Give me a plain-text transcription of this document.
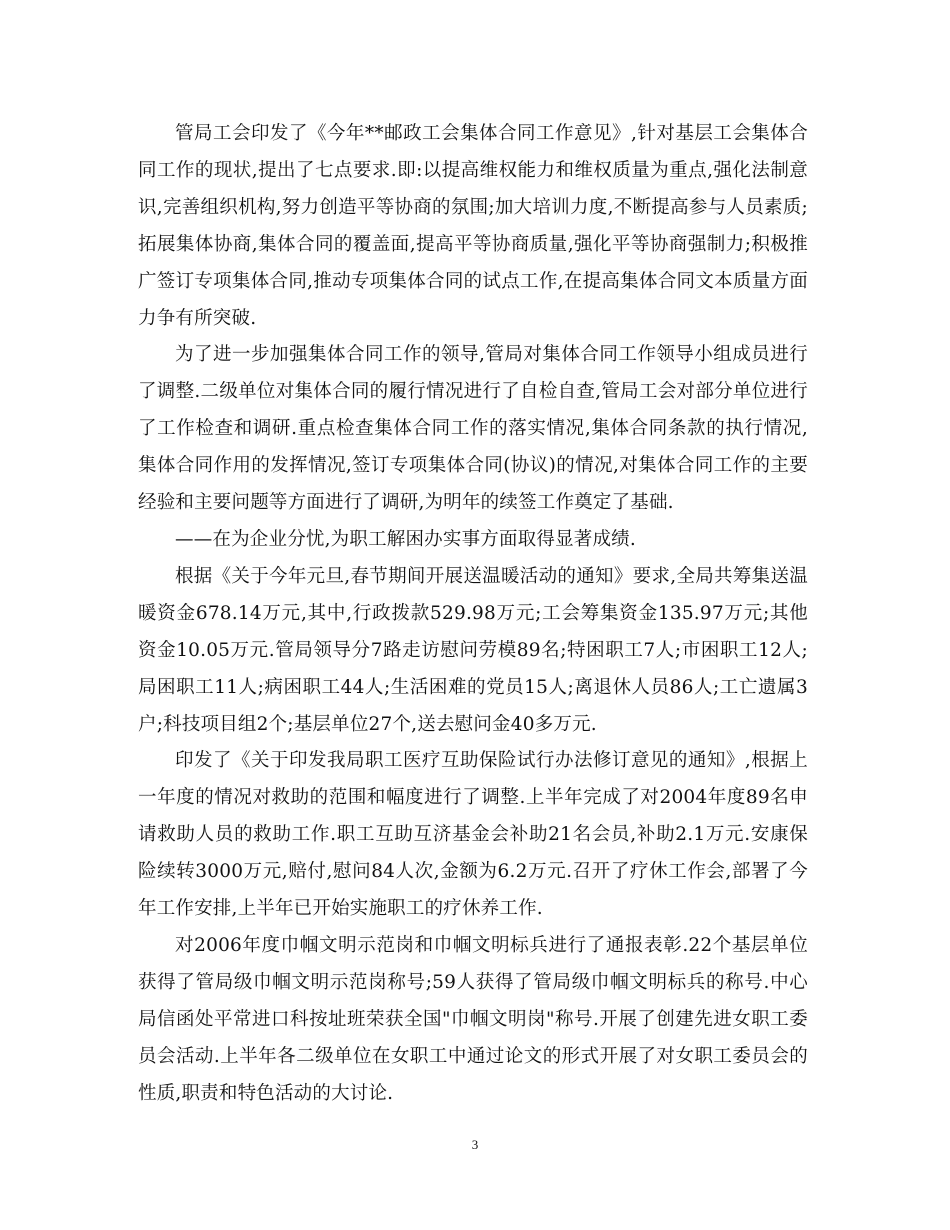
管局工会印发了《今年**邮政工会集体合同工作意见》,针对基层工会集体合同工作的现状,提出了七点要求.即:以提高维权能力和维权质量为重点,强化法制意识,完善组织机构,努力创造平等协商的氛围;加大培训力度,不断提高参与人员素质;拓展集体协商,集体合同的覆盖面,提高平等协商质量,强化平等协商强制力;积极推广签订专项集体合同,推动专项集体合同的试点工作,在提高集体合同文本质量方面力争有所突破.

为了进一步加强集体合同工作的领导,管局对集体合同工作领导小组成员进行了调整.二级单位对集体合同的履行情况进行了自检自查,管局工会对部分单位进行了工作检查和调研.重点检查集体合同工作的落实情况,集体合同条款的执行情况,集体合同作用的发挥情况,签订专项集体合同(协议)的情况,对集体合同工作的主要经验和主要问题等方面进行了调研,为明年的续签工作奠定了基础.

——在为企业分忧,为职工解困办实事方面取得显著成绩.

根据《关于今年元旦,春节期间开展送温暖活动的通知》要求,全局共筹集送温暖资金678.14万元,其中,行政拨款529.98万元;工会筹集资金135.97万元;其他资金10.05万元.管局领导分7路走访慰问劳模89名;特困职工7人;市困职工12人;局困职工11人;病困职工44人;生活困难的党员15人;离退休人员86人;工亡遗属3户;科技项目组2个;基层单位27个,送去慰问金40多万元.

印发了《关于印发我局职工医疗互助保险试行办法修订意见的通知》,根据上一年度的情况对救助的范围和幅度进行了调整.上半年完成了对2004年度89名申请救助人员的救助工作.职工互助互济基金会补助21名会员,补助2.1万元.安康保险续转3000万元,赔付,慰问84人次,金额为6.2万元.召开了疗休工作会,部署了今年工作安排,上半年已开始实施职工的疗休养工作.

对2006年度巾帼文明示范岗和巾帼文明标兵进行了通报表彰.22个基层单位获得了管局级巾帼文明示范岗称号;59人获得了管局级巾帼文明标兵的称号.中心局信函处平常进口科按址班荣获全国"巾帼文明岗"称号.开展了创建先进女职工委员会活动.上半年各二级单位在女职工中通过论文的形式开展了对女职工委员会的性质,职责和特色活动的大讨论.

3
